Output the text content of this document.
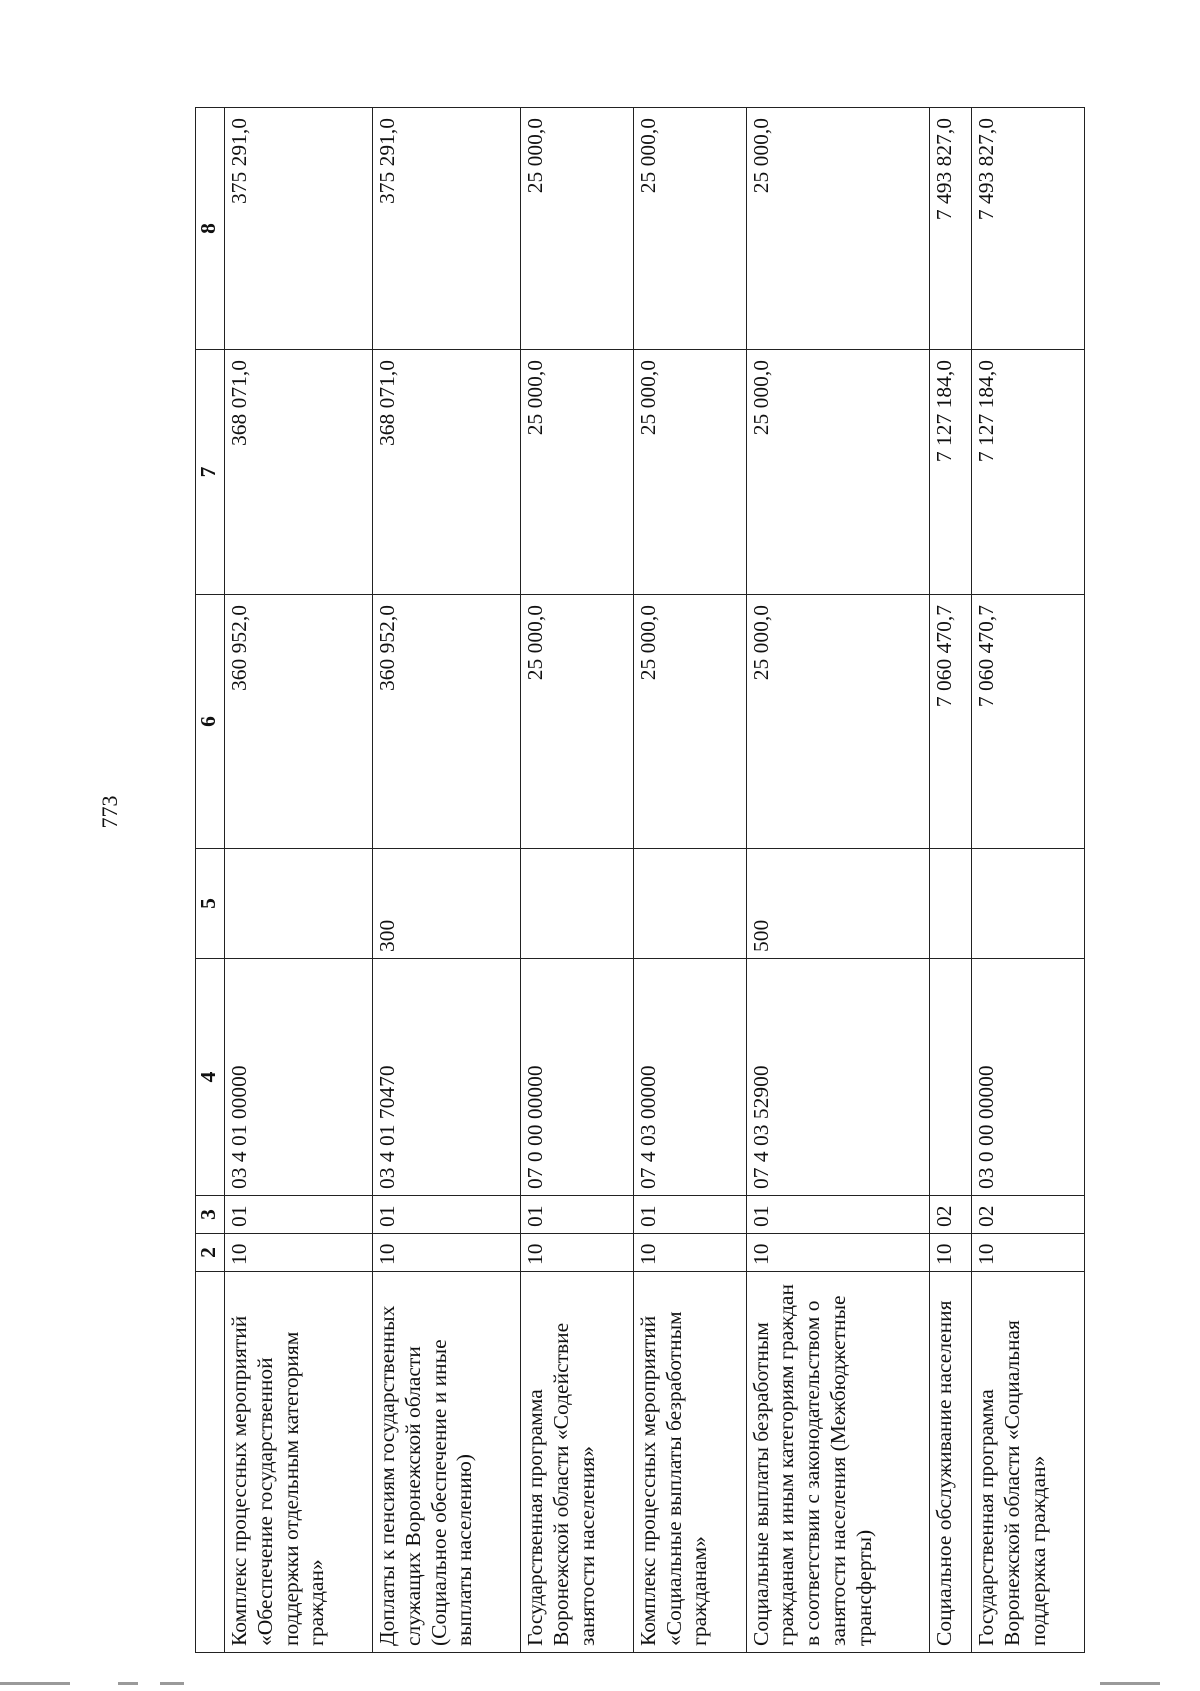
773
	2	3	4	5	6	7	8
Комплекс процессных мероприятий «Обеспечение государственной поддержки отдельным категориям граждан»	10	01	03 4 01 00000		360 952,0	368 071,0	375 291,0
Доплаты к пенсиям государственных служащих Воронежской области (Социальное обеспечение и иные выплаты населению)	10	01	03 4 01 70470	300	360 952,0	368 071,0	375 291,0
Государственная программа Воронежской области «Содействие занятости населения»	10	01	07 0 00 00000		25 000,0	25 000,0	25 000,0
Комплекс процессных мероприятий «Социальные выплаты безработным гражданам»	10	01	07 4 03 00000		25 000,0	25 000,0	25 000,0
Социальные выплаты безработным гражданам и иным категориям граждан в соответствии с законодательством о занятости населения (Межбюджетные трансферты)	10	01	07 4 03 52900	500	25 000,0	25 000,0	25 000,0
Социальное обслуживание населения	10	02			7 060 470,7	7 127 184,0	7 493 827,0
Государственная программа Воронежской области «Социальная поддержка граждан»	10	02	03 0 00 00000		7 060 470,7	7 127 184,0	7 493 827,0
